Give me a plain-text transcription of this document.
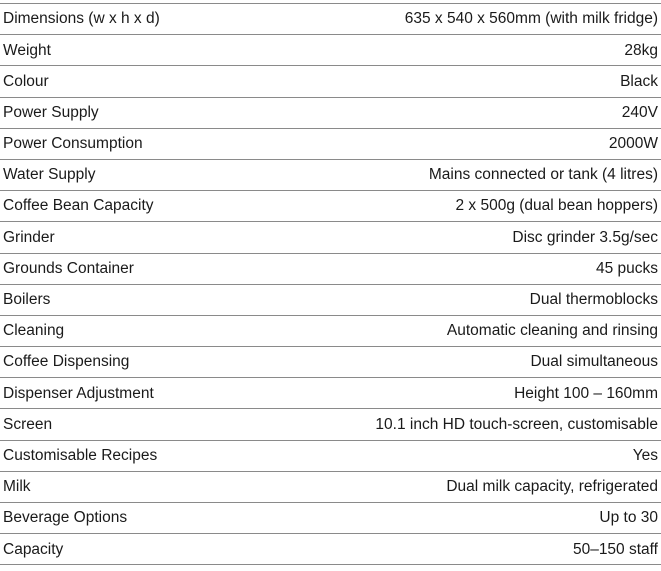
Dimensions (w x h x d)	635 x 540 x 560mm (with milk fridge)
Weight	28kg
Colour	Black
Power Supply	240V
Power Consumption	2000W
Water Supply	Mains connected or tank (4 litres)
Coffee Bean Capacity	2 x 500g (dual bean hoppers)
Grinder	Disc grinder 3.5g/sec
Grounds Container	45 pucks
Boilers	Dual thermoblocks
Cleaning	Automatic cleaning and rinsing
Coffee Dispensing	Dual simultaneous
Dispenser Adjustment	Height 100 – 160mm
Screen	10.1 inch HD touch-screen, customisable
Customisable Recipes	Yes
Milk	Dual milk capacity, refrigerated
Beverage Options	Up to 30
Capacity	50–150 staff
